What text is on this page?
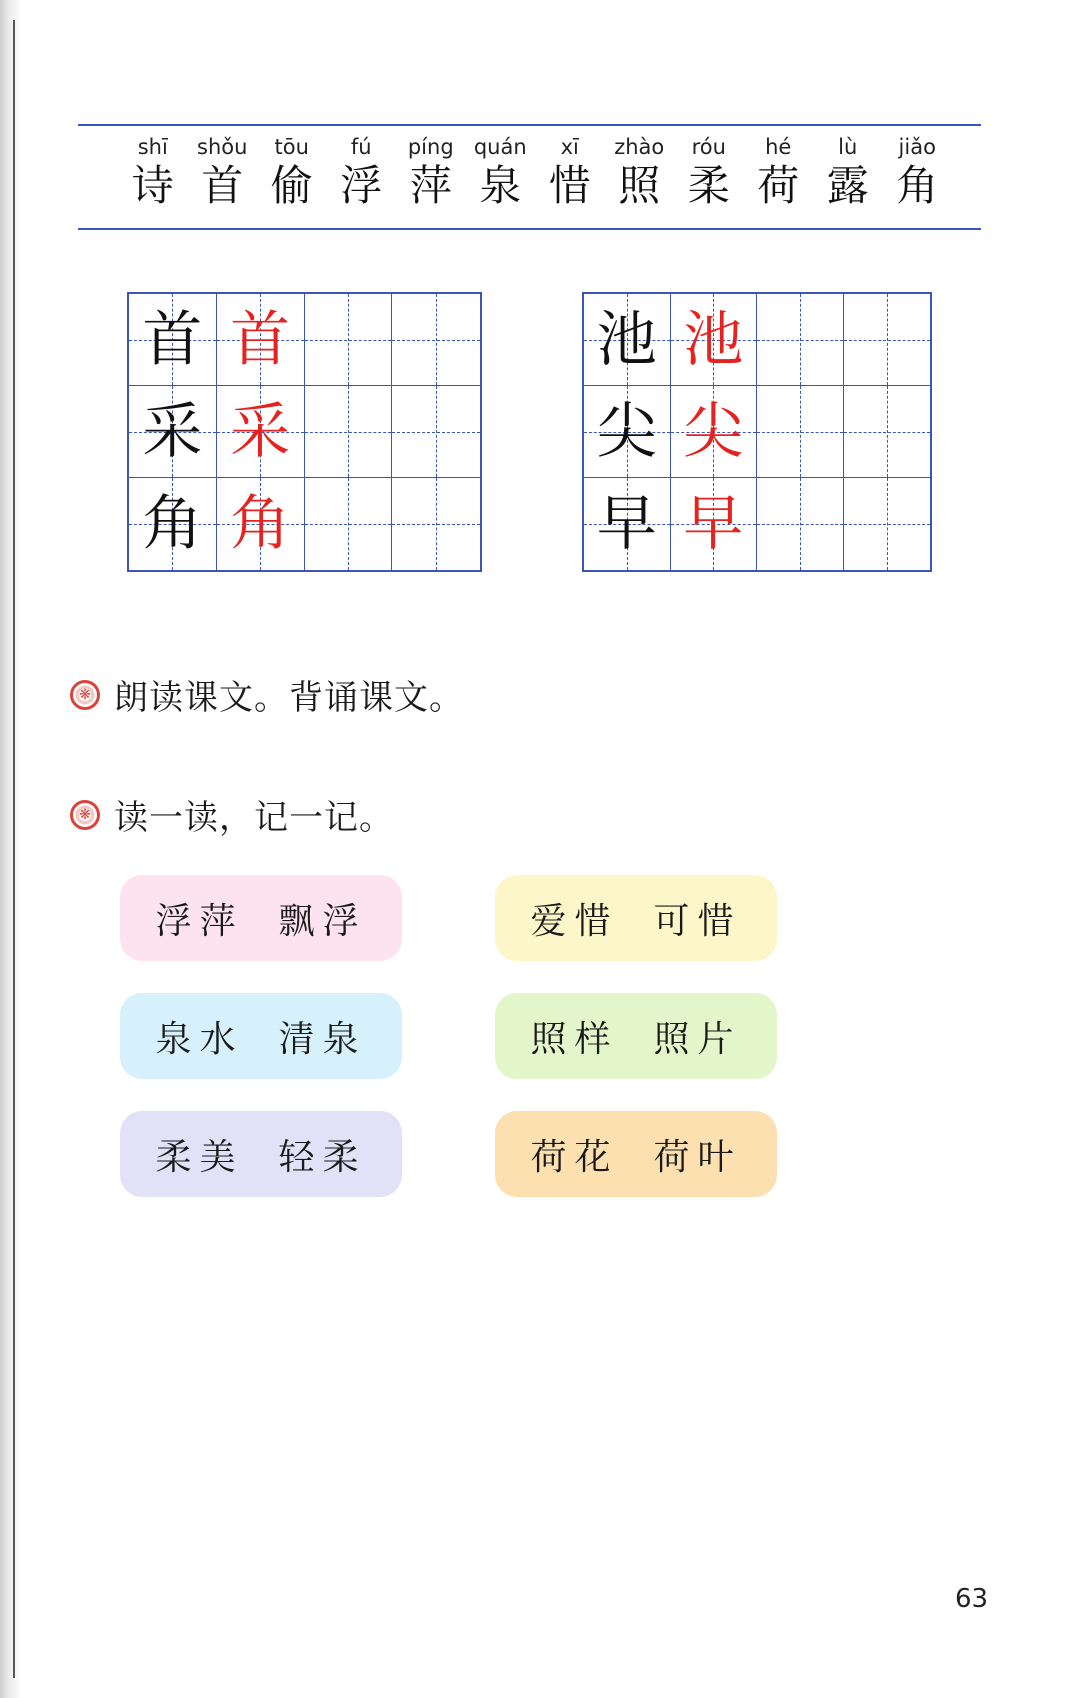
shī
诗
shǒu
首
tōu
偷
fú
浮
píng
萍
quán
泉
xī
惜
zhào
照
róu
柔
hé
荷
lù
露
jiǎo
角
首 首
采 采
角 角
池 池
尖 尖
早 早
❋ 朗读课文。背诵课文。
❋ 读一读，记一记。
浮萍 飘浮	爱惜 可惜
泉水 清泉	照样 照片
柔美 轻柔	荷花 荷叶
63
